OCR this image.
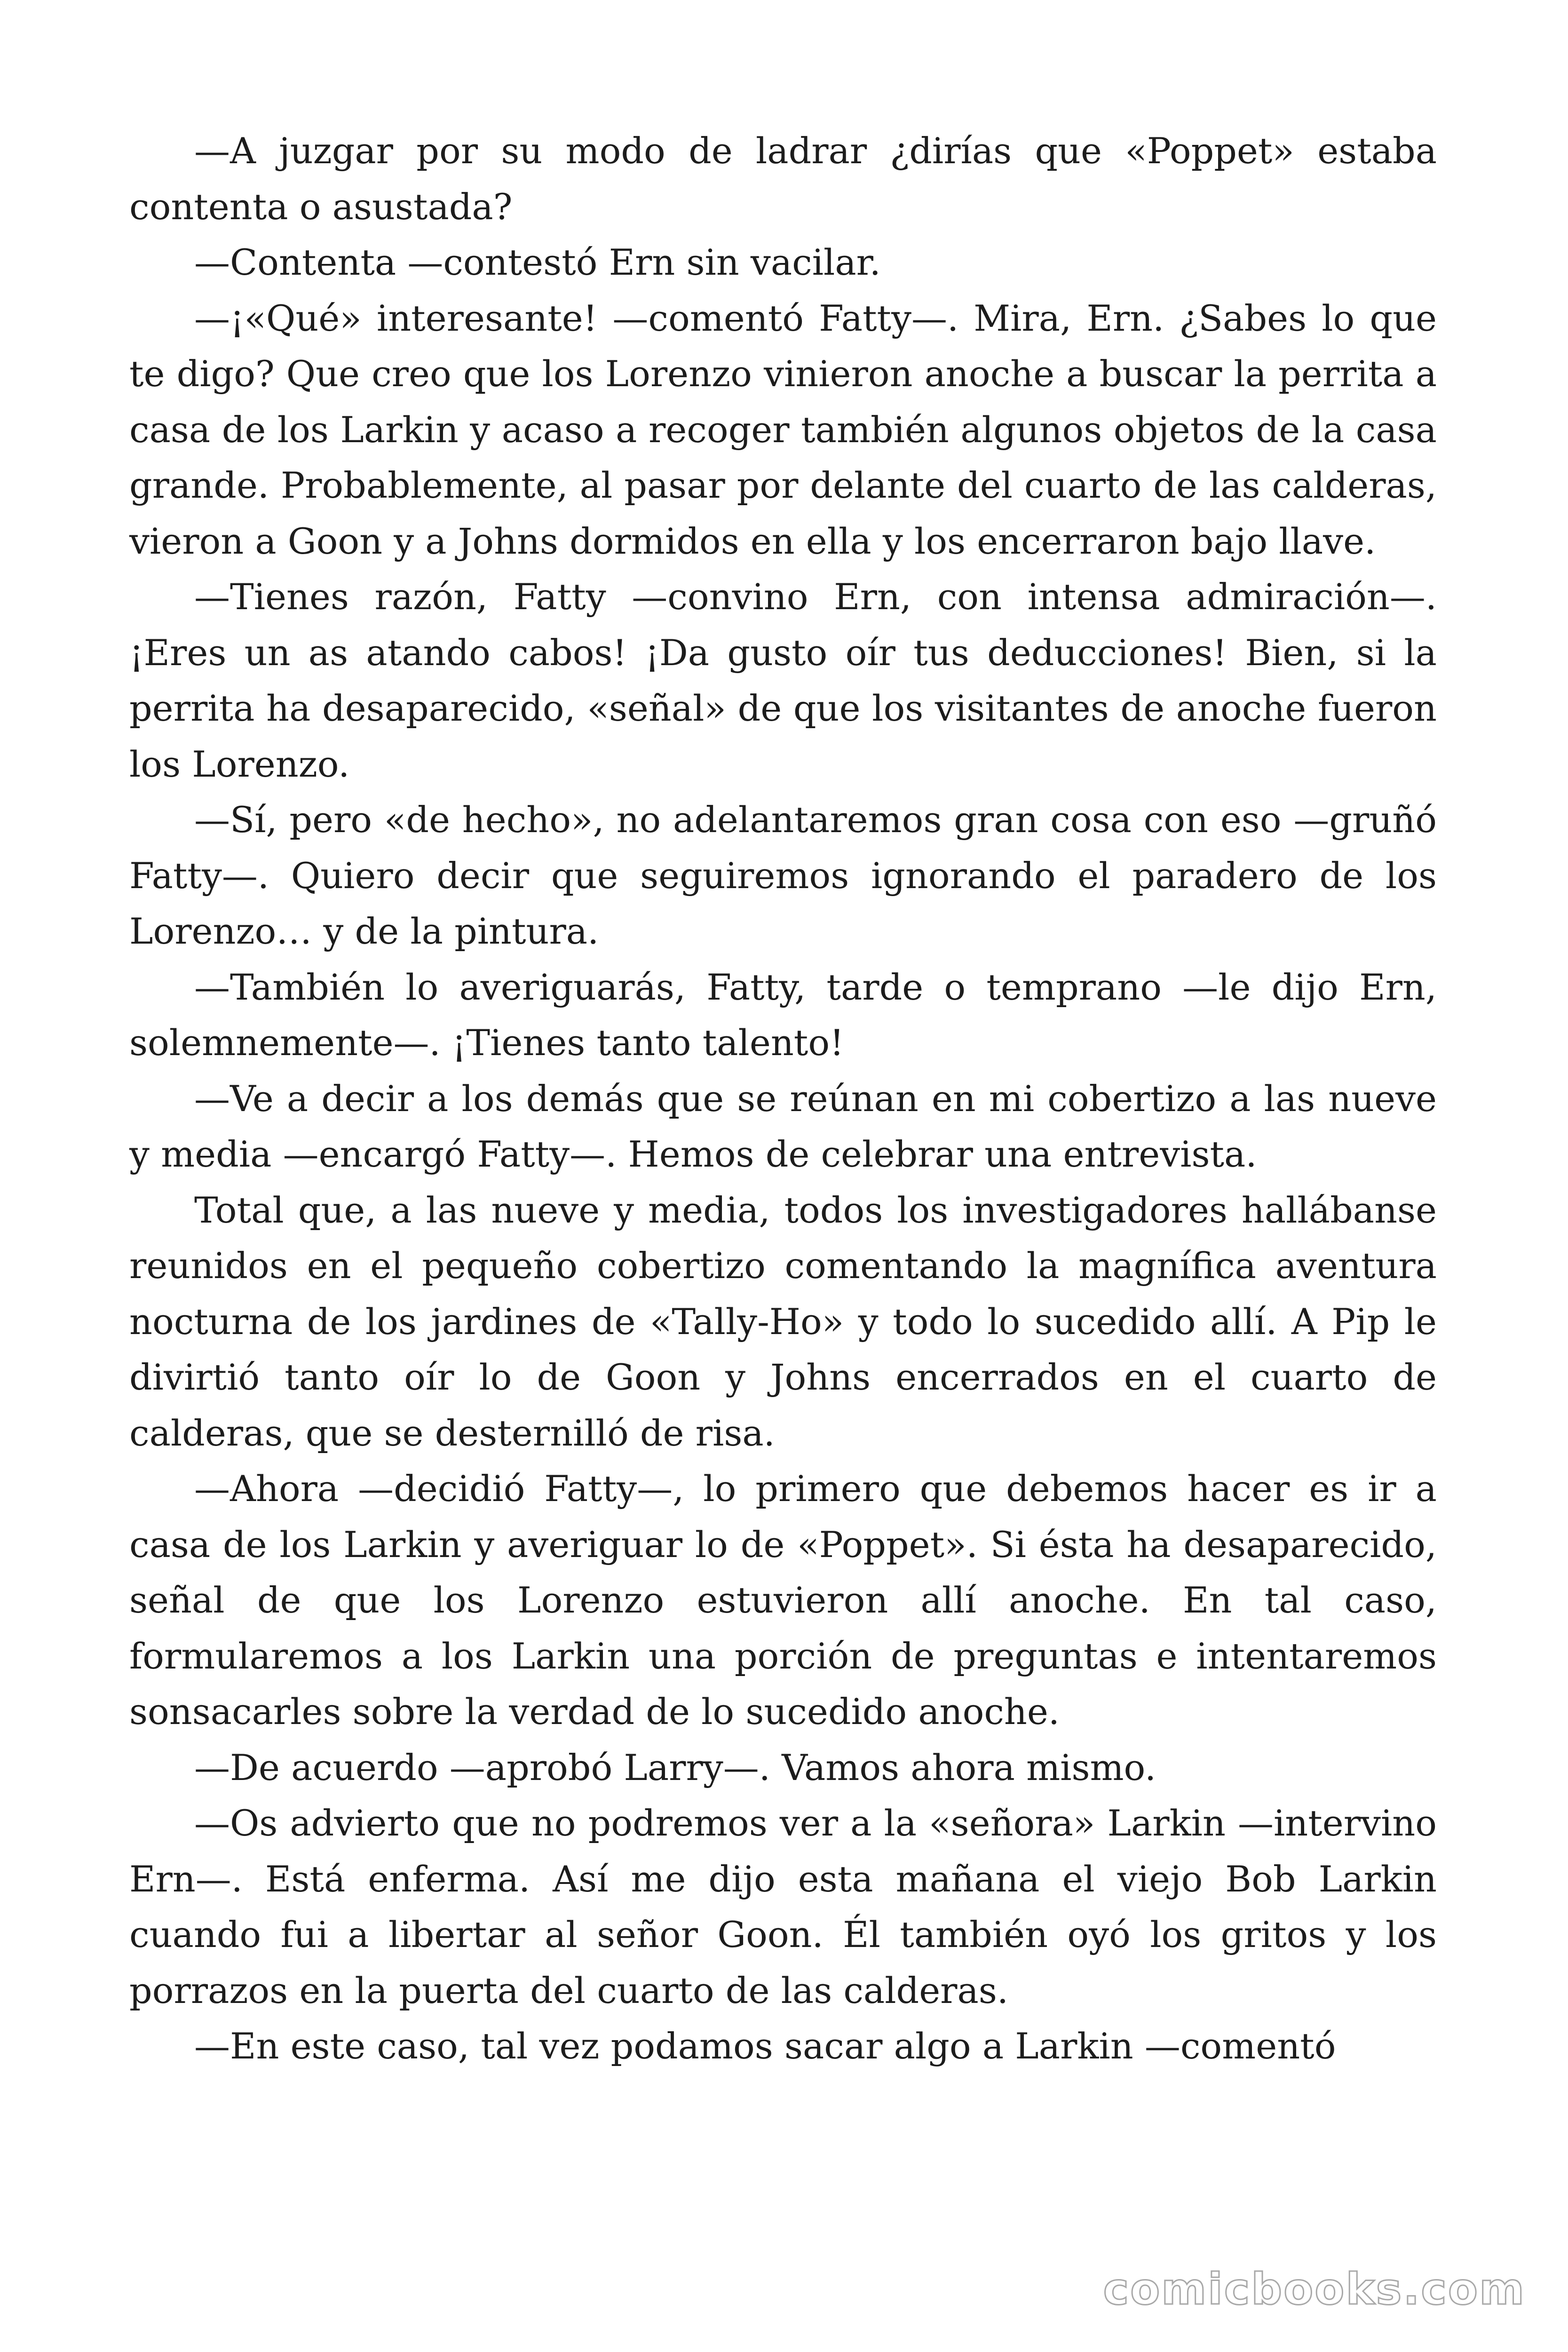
—A juzgar por su modo de ladrar ¿dirías que «Poppet» estaba contenta o asustada?

—Contenta —contestó Ern sin vacilar.

—¡«Qué» interesante! —comentó Fatty—. Mira, Ern. ¿Sabes lo que te digo? Que creo que los Lorenzo vinieron anoche a buscar la perrita a casa de los Larkin y acaso a recoger también algunos objetos de la casa grande. Probablemente, al pasar por delante del cuarto de las calderas, vieron a Goon y a Johns dormidos en ella y los encerraron bajo llave.

—Tienes razón, Fatty —convino Ern, con intensa admiración—. ¡Eres un as atando cabos! ¡Da gusto oír tus deducciones! Bien, si la perrita ha desaparecido, «señal» de que los visitantes de anoche fueron los Lorenzo.

—Sí, pero «de hecho», no adelantaremos gran cosa con eso —gruñó Fatty—. Quiero decir que seguiremos ignorando el paradero de los Lorenzo… y de la pintura.

—También lo averiguarás, Fatty, tarde o temprano —le dijo Ern, solemnemente—. ¡Tienes tanto talento!

—Ve a decir a los demás que se reúnan en mi cobertizo a las nueve y media —encargó Fatty—. Hemos de celebrar una entrevista.

Total que, a las nueve y media, todos los investigadores hallábanse reunidos en el pequeño cobertizo comentando la magnífica aventura nocturna de los jardines de «Tally-Ho» y todo lo sucedido allí. A Pip le divirtió tanto oír lo de Goon y Johns encerrados en el cuarto de calderas, que se desternilló de risa.

—Ahora —decidió Fatty—, lo primero que debemos hacer es ir a casa de los Larkin y averiguar lo de «Poppet». Si ésta ha desaparecido, señal de que los Lorenzo estuvieron allí anoche. En tal caso, formularemos a los Larkin una porción de preguntas e intentaremos sonsacarles sobre la verdad de lo sucedido anoche.

—De acuerdo —aprobó Larry—. Vamos ahora mismo.

—Os advierto que no podremos ver a la «señora» Larkin —intervino Ern—. Está enferma. Así me dijo esta mañana el viejo Bob Larkin cuando fui a libertar al señor Goon. Él también oyó los gritos y los porrazos en la puerta del cuarto de las calderas.

—En este caso, tal vez podamos sacar algo a Larkin —comentó

comicbooks.com
